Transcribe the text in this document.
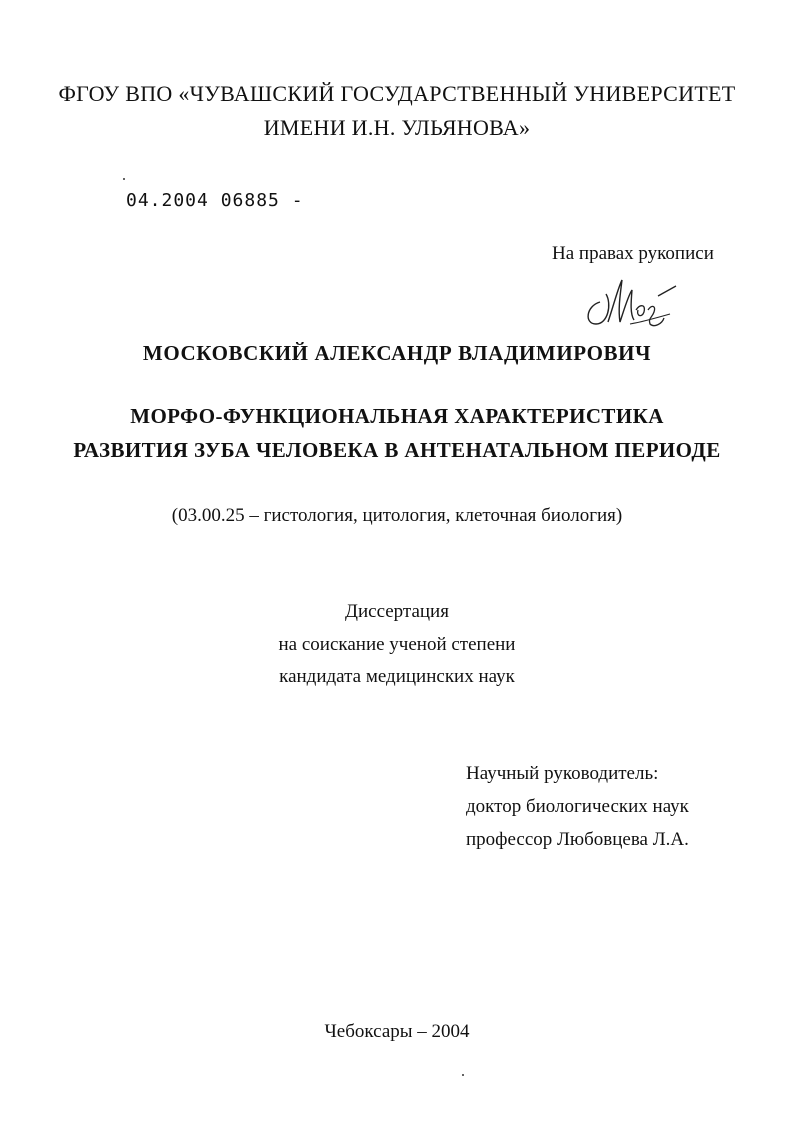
ФГОУ ВПО «ЧУВАШСКИЙ ГОСУДАРСТВЕННЫЙ УНИВЕРСИТЕТ
ИМЕНИ И.Н. УЛЬЯНОВА»
04.2004 06885 -
На правах рукописи
МОСКОВСКИЙ АЛЕКСАНДР ВЛАДИМИРОВИЧ
МОРФО-ФУНКЦИОНАЛЬНАЯ ХАРАКТЕРИСТИКА
РАЗВИТИЯ ЗУБА ЧЕЛОВЕКА В АНТЕНАТАЛЬНОМ ПЕРИОДЕ
(03.00.25 – гистология, цитология, клеточная биология)
Диссертация
на соискание ученой степени
кандидата медицинских наук
Научный руководитель:
доктор биологических наук
профессор Любовцева Л.А.
Чебоксары – 2004
